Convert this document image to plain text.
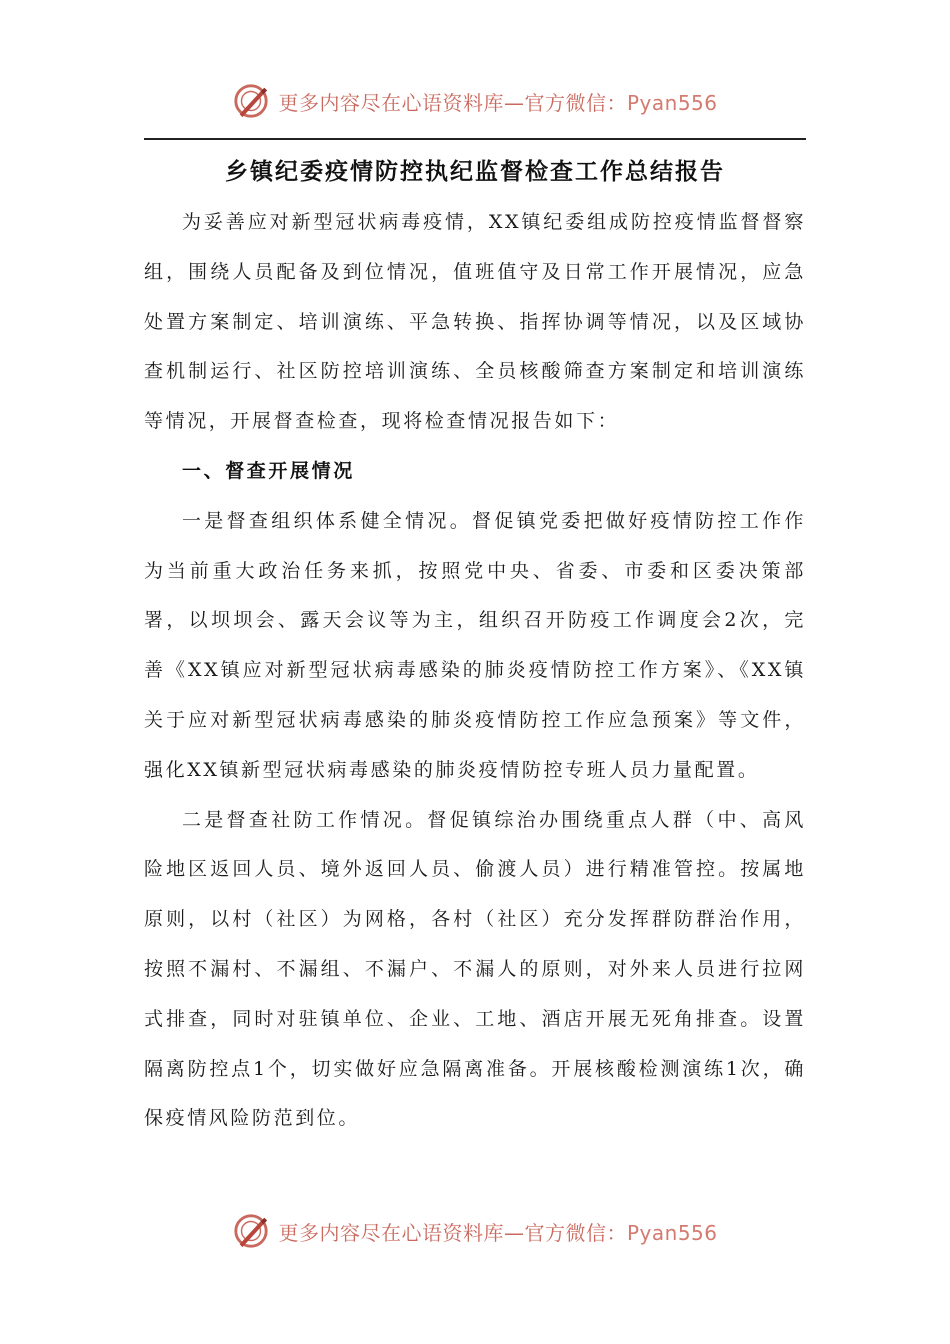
更多内容尽在心语资料库—官方微信：Pyan556
乡镇纪委疫情防控执纪监督检查工作总结报告

为妥善应对新型冠状病毒疫情，XX镇纪委组成防控疫情监督督察组，围绕人员配备及到位情况，值班值守及日常工作开展情况，应急处置方案制定、培训演练、平急转换、指挥协调等情况，以及区域协查机制运行、社区防控培训演练、全员核酸筛查方案制定和培训演练等情况，开展督查检查，现将检查情况报告如下：

一、督查开展情况

一是督查组织体系健全情况。督促镇党委把做好疫情防控工作作为当前重大政治任务来抓，按照党中央、省委、市委和区委决策部署，以坝坝会、露天会议等为主，组织召开防疫工作调度会2次，完善《XX镇应对新型冠状病毒感染的肺炎疫情防控工作方案》、《XX镇关于应对新型冠状病毒感染的肺炎疫情防控工作应急预案》等文件，强化XX镇新型冠状病毒感染的肺炎疫情防控专班人员力量配置。

二是督查社防工作情况。督促镇综治办围绕重点人群（中、高风险地区返回人员、境外返回人员、偷渡人员）进行精准管控。按属地原则，以村（社区）为网格，各村（社区）充分发挥群防群治作用，按照不漏村、不漏组、不漏户、不漏人的原则，对外来人员进行拉网式排查，同时对驻镇单位、企业、工地、酒店开展无死角排查。设置隔离防控点1个，切实做好应急隔离准备。开展核酸检测演练1次，确保疫情风险防范到位。

更多内容尽在心语资料库—官方微信：Pyan556
